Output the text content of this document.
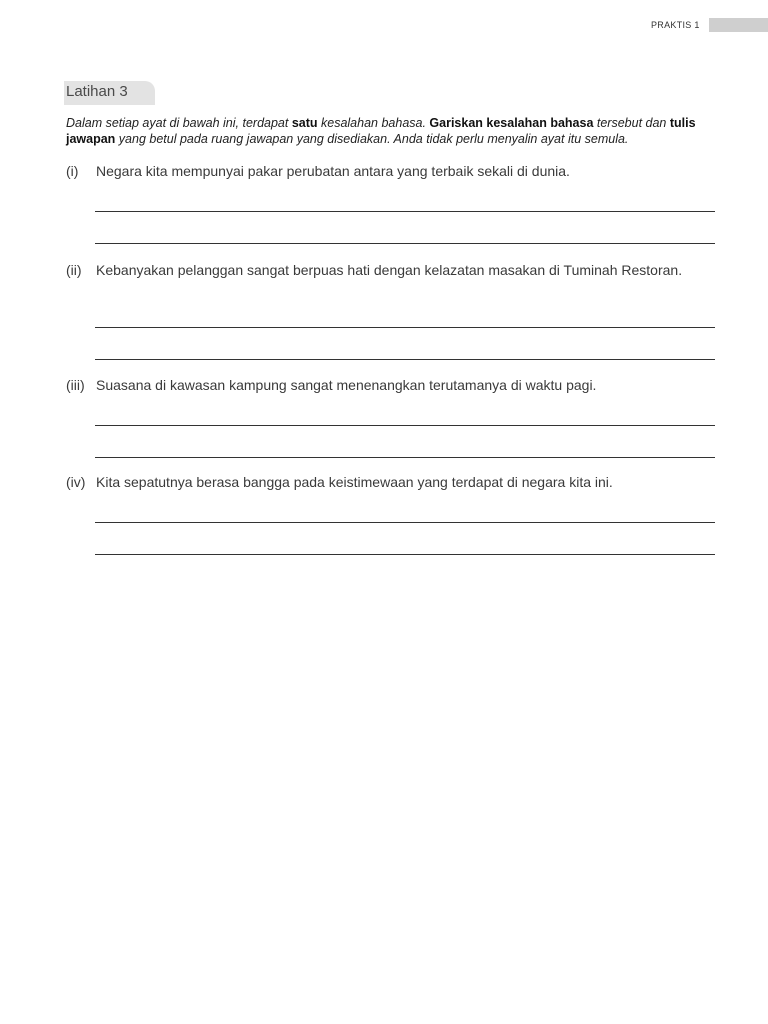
PRAKTIS 1
Latihan 3
Dalam setiap ayat di bawah ini, terdapat satu kesalahan bahasa. Gariskan kesalahan bahasa tersebut dan tulis jawapan yang betul pada ruang jawapan yang disediakan. Anda tidak perlu menyalin ayat itu semula.
(i) Negara kita mempunyai pakar perubatan antara yang terbaik sekali di dunia.
(ii) Kebanyakan pelanggan sangat berpuas hati dengan kelazatan masakan di Tuminah Restoran.
(iii) Suasana di kawasan kampung sangat menenangkan terutamanya di waktu pagi.
(iv) Kita sepatutnya berasa bangga pada keistimewaan yang terdapat di negara kita ini.
